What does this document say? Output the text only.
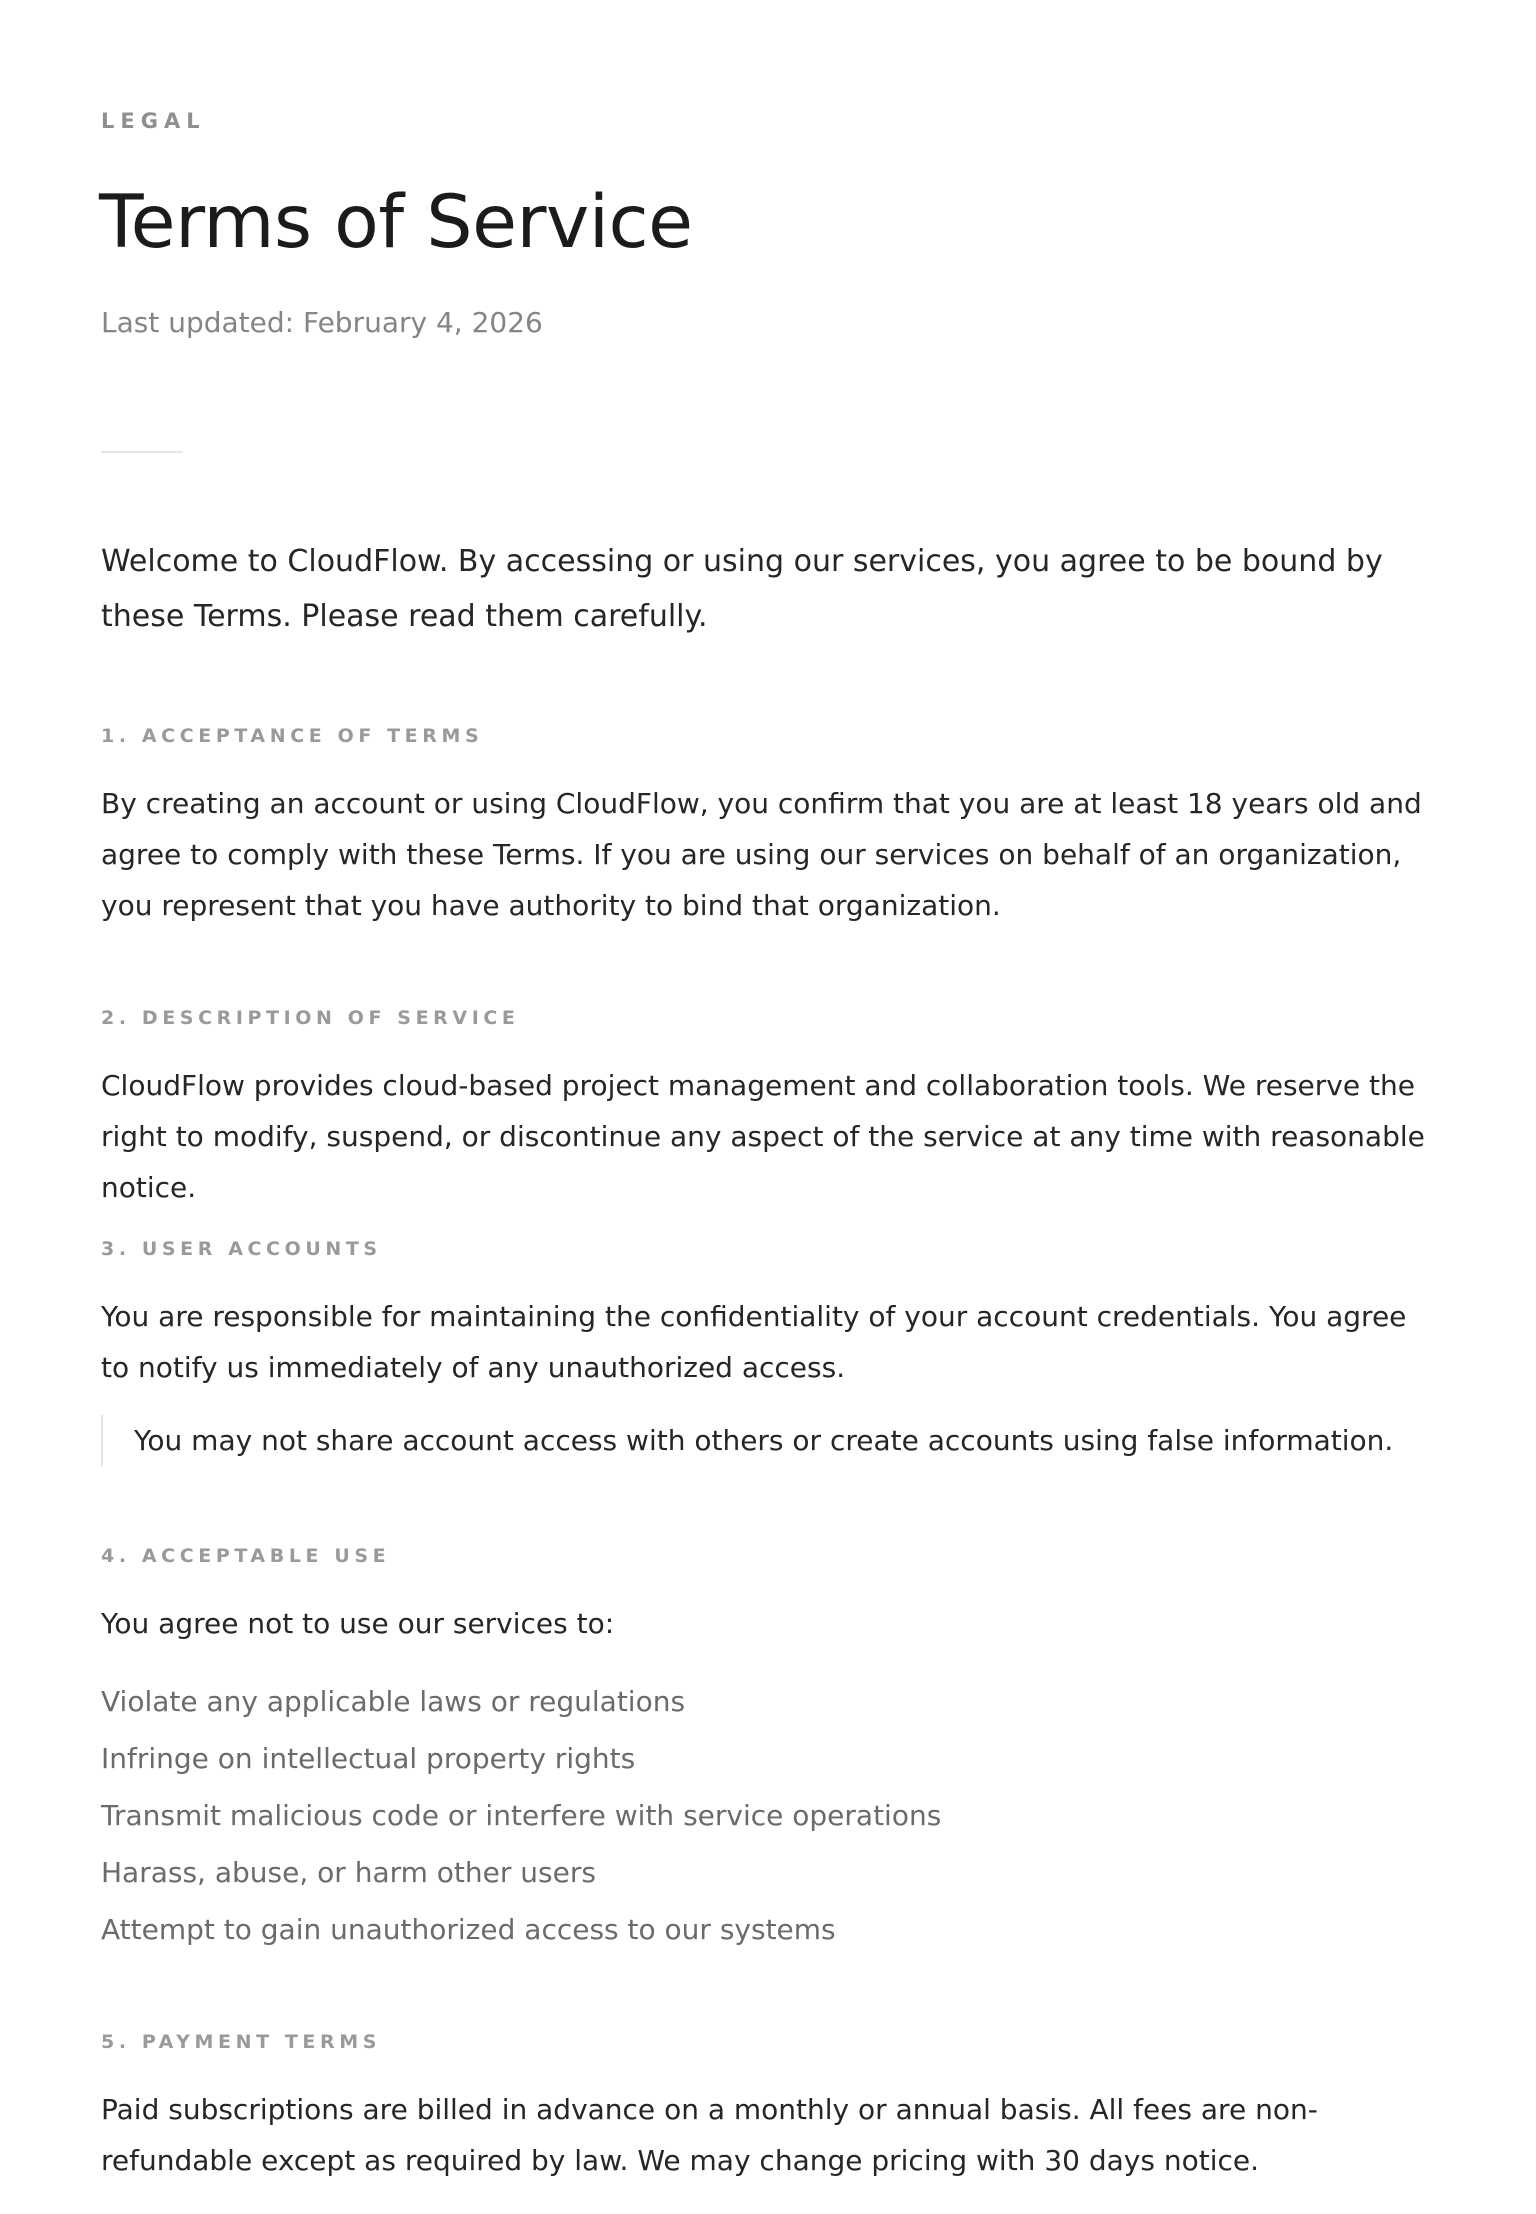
LEGAL

Terms of Service

Last updated: February 4, 2026

Welcome to CloudFlow. By accessing or using our services, you agree to be bound by these Terms. Please read them carefully.

1. ACCEPTANCE OF TERMS

By creating an account or using CloudFlow, you confirm that you are at least 18 years old and agree to comply with these Terms. If you are using our services on behalf of an organization, you represent that you have authority to bind that organization.

2. DESCRIPTION OF SERVICE

CloudFlow provides cloud-based project management and collaboration tools. We reserve the right to modify, suspend, or discontinue any aspect of the service at any time with reasonable notice.

3. USER ACCOUNTS

You are responsible for maintaining the confidentiality of your account credentials. You agree to notify us immediately of any unauthorized access.

You may not share account access with others or create accounts using false information.
4. ACCEPTABLE USE

You agree not to use our services to:

Violate any applicable laws or regulations
Infringe on intellectual property rights
Transmit malicious code or interfere with service operations
Harass, abuse, or harm other users
Attempt to gain unauthorized access to our systems
5. PAYMENT TERMS

Paid subscriptions are billed in advance on a monthly or annual basis. All fees are non-refundable except as required by law. We may change pricing with 30 days notice.
